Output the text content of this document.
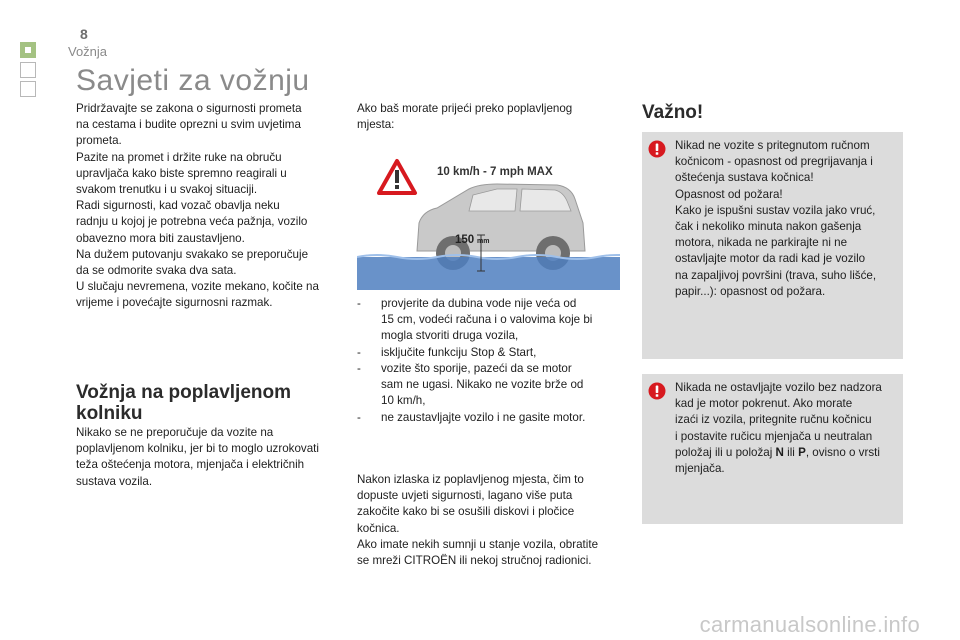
8
Vožnja
Savjeti za vožnju
Pridržavajte se zakona o sigurnosti prometa
na cestama i budite oprezni u svim uvjetima
prometa.
Pazite na promet i držite ruke na obruču
upravljača kako biste spremno reagirali u
svakom trenutku i u svakoj situaciji.
Radi sigurnosti, kad vozač obavlja neku
radnju u kojoj je potrebna veća pažnja, vozilo
obavezno mora biti zaustavljeno.
Na dužem putovanju svakako se preporučuje
da se odmorite svaka dva sata.
U slučaju nevremena, vozite mekano, kočite na
vrijeme i povećajte sigurnosni razmak.
Vožnja na poplavljenom
kolniku
Nikako se ne preporučuje da vozite na
poplavljenom kolniku, jer bi to moglo uzrokovati
teža oštećenja motora, mjenjača i električnih
sustava vozila.
Ako baš morate prijeći preko poplavljenog
mjesta:
10 km/h - 7 mph MAX
150 mm
-	provjerite da dubina vode nije veća od
15 cm, vodeći računa i o valovima koje bi
mogla stvoriti druga vozila,
-	isključite funkciju Stop & Start,
-	vozite što sporije, pazeći da se motor
sam ne ugasi. Nikako ne vozite brže od
10 km/h,
-	ne zaustavljajte vozilo i ne gasite motor.
Nakon izlaska iz poplavljenog mjesta, čim to
dopuste uvjeti sigurnosti, lagano više puta
zakočite kako bi se osušili diskovi i pločice
kočnica.
Ako imate nekih sumnji u stanje vozila, obratite
se mreži CITROËN ili nekoj stručnoj radionici.
Važno!
Nikad ne vozite s pritegnutom ručnom
kočnicom - opasnost od pregrijavanja i
oštećenja sustava kočnica!
Opasnost od požara!
Kako je ispušni sustav vozila jako vruć,
čak i nekoliko minuta nakon gašenja
motora, nikada ne parkirajte ni ne
ostavljajte motor da radi kad je vozilo
na zapaljivoj površini (trava, suho lišće,
papir...): opasnost od požara.
Nikada ne ostavljajte vozilo bez nadzora
kad je motor pokrenut. Ako morate
izaći iz vozila, pritegnite ručnu kočnicu
i postavite ručicu mjenjača u neutralan
položaj ili u položaj N ili P, ovisno o vrsti
mjenjača.
carmanualsonline.info
